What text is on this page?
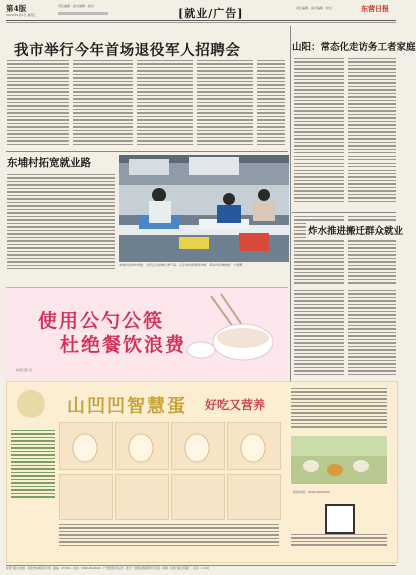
第4版
2022年4月6日 星期三
责任编辑 · 美术编辑 · 校对
[就业/广告]	责任编辑 · 美术编辑 · 校对	东营日报
我市举行今年首场退役军人招聘会	山阳：常态化走访务工者家庭
东埔村拓宽就业路
东埔村扶贫车间里，村民正在赶制订单产品。这是该村拓宽就业路、带动村民增收的一个缩影。
炸水推进搬迁群众就业
使用公勺公筷
杜绝餐饮浪费
东营日报 宣
山凹凹智慧蛋 好吃又营养
热线电话：0546-0000000
东营日报社 地址：东营市东城府前大街 · 邮编：257091 · 电话：0546-8000000 · 广告经营许可证号 · 发行：全国各地邮局均可订阅 · 印刷：东营日报社印刷厂 · 定价：1.50元
